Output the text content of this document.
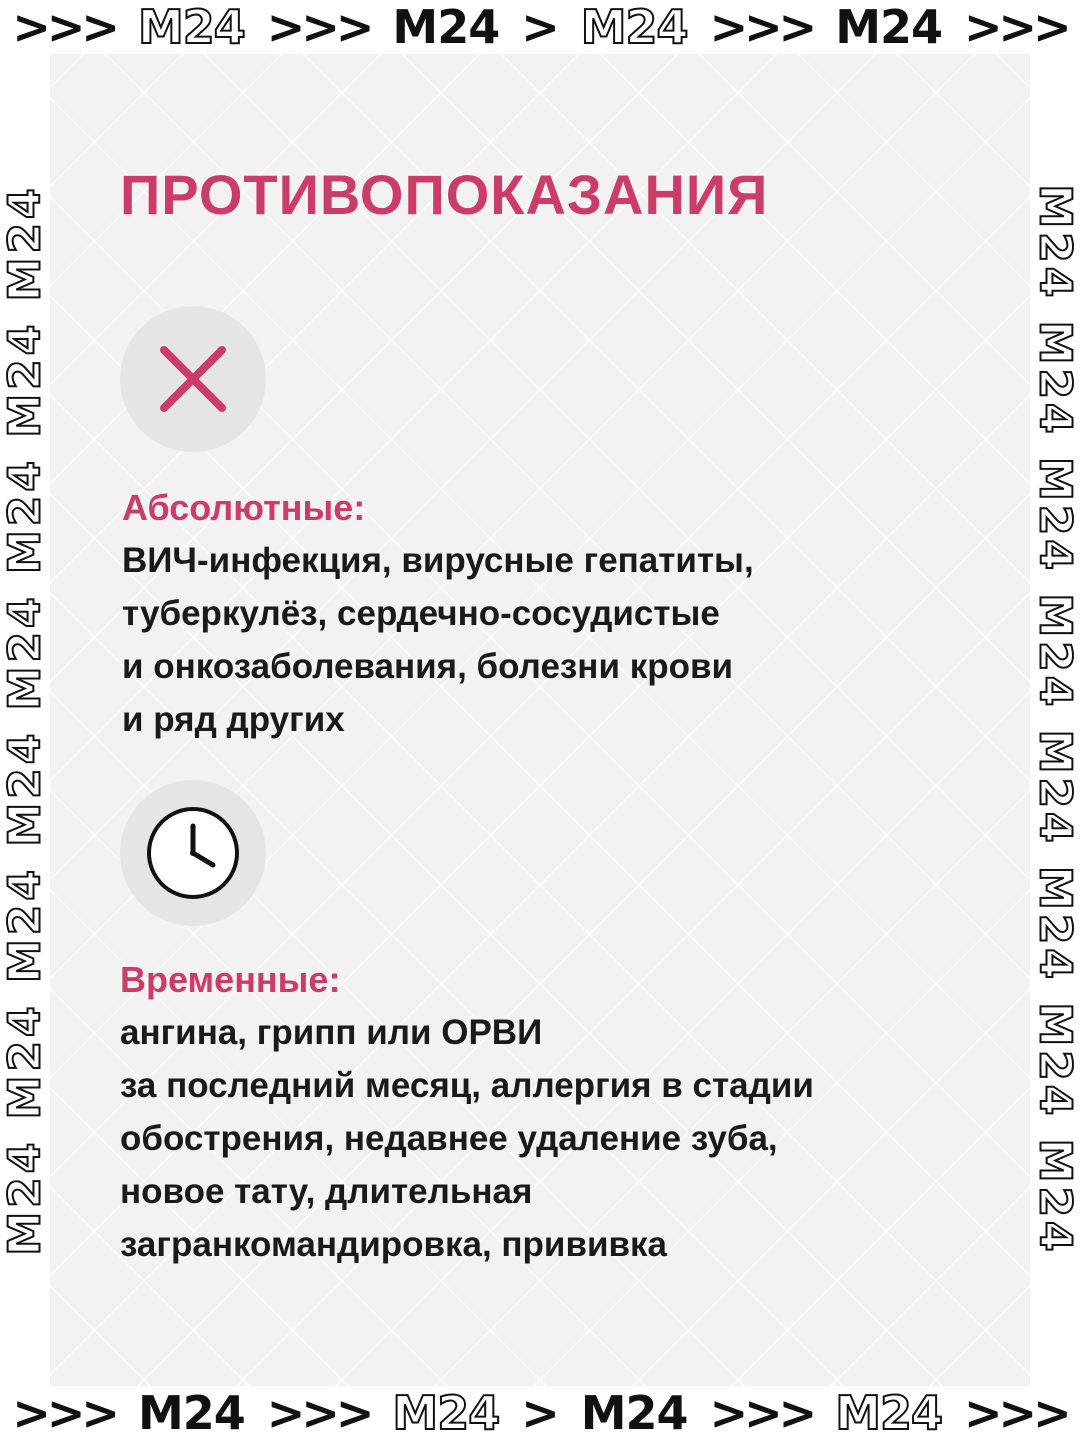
>>> M24 >>> M24 > M24 >>> M24 >>>
M24 M24 M24 M24 M24 M24 M24 M24	M24 M24 M24 M24 M24 M24 M24 M24
ПРОТИВОПОКАЗАНИЯ
Абсолютные:
ВИЧ-инфекция, вирусные гепатиты,
туберкулёз, сердечно-сосудистые
и онкозаболевания, болезни крови
и ряд других
Временные:
ангина, грипп или ОРВИ
за последний месяц, аллергия в стадии
обострения, недавнее удаление зуба,
новое тату, длительная
загранкомандировка, прививка
>>> M24 >>> M24 > M24 >>> M24 >>>
